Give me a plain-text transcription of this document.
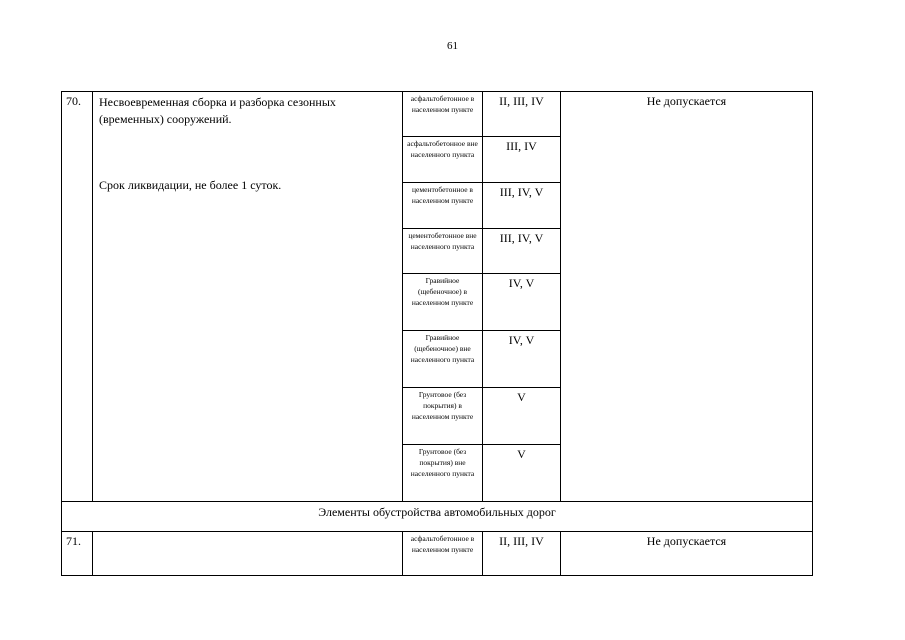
61
70.	Несвоевременная сборка и разборка сезонных (временных) сооружений.
Срок ликвидации, не более 1 суток.	асфальтобетонное в населенном пункте	II, III, IV	Не допускается
		асфальтобетонное вне населенного пункта	III, IV	
		цементобетонное в населенном пункте	III, IV, V	
		цементобетонное вне населенного пункта	III, IV, V	
		Гравийное (щебеночное) в населенном пункте	IV, V	
		Гравийное (щебеночное) вне населенного пункта	IV, V	
		Грунтовое (без покрытия) в населенном пункте	V	
		Грунтовое (без покрытия) вне населенного пункта	V	
Элементы обустройства автомобильных дорог				
71.		асфальтобетонное в населенном пункте	II, III, IV	Не допускается
